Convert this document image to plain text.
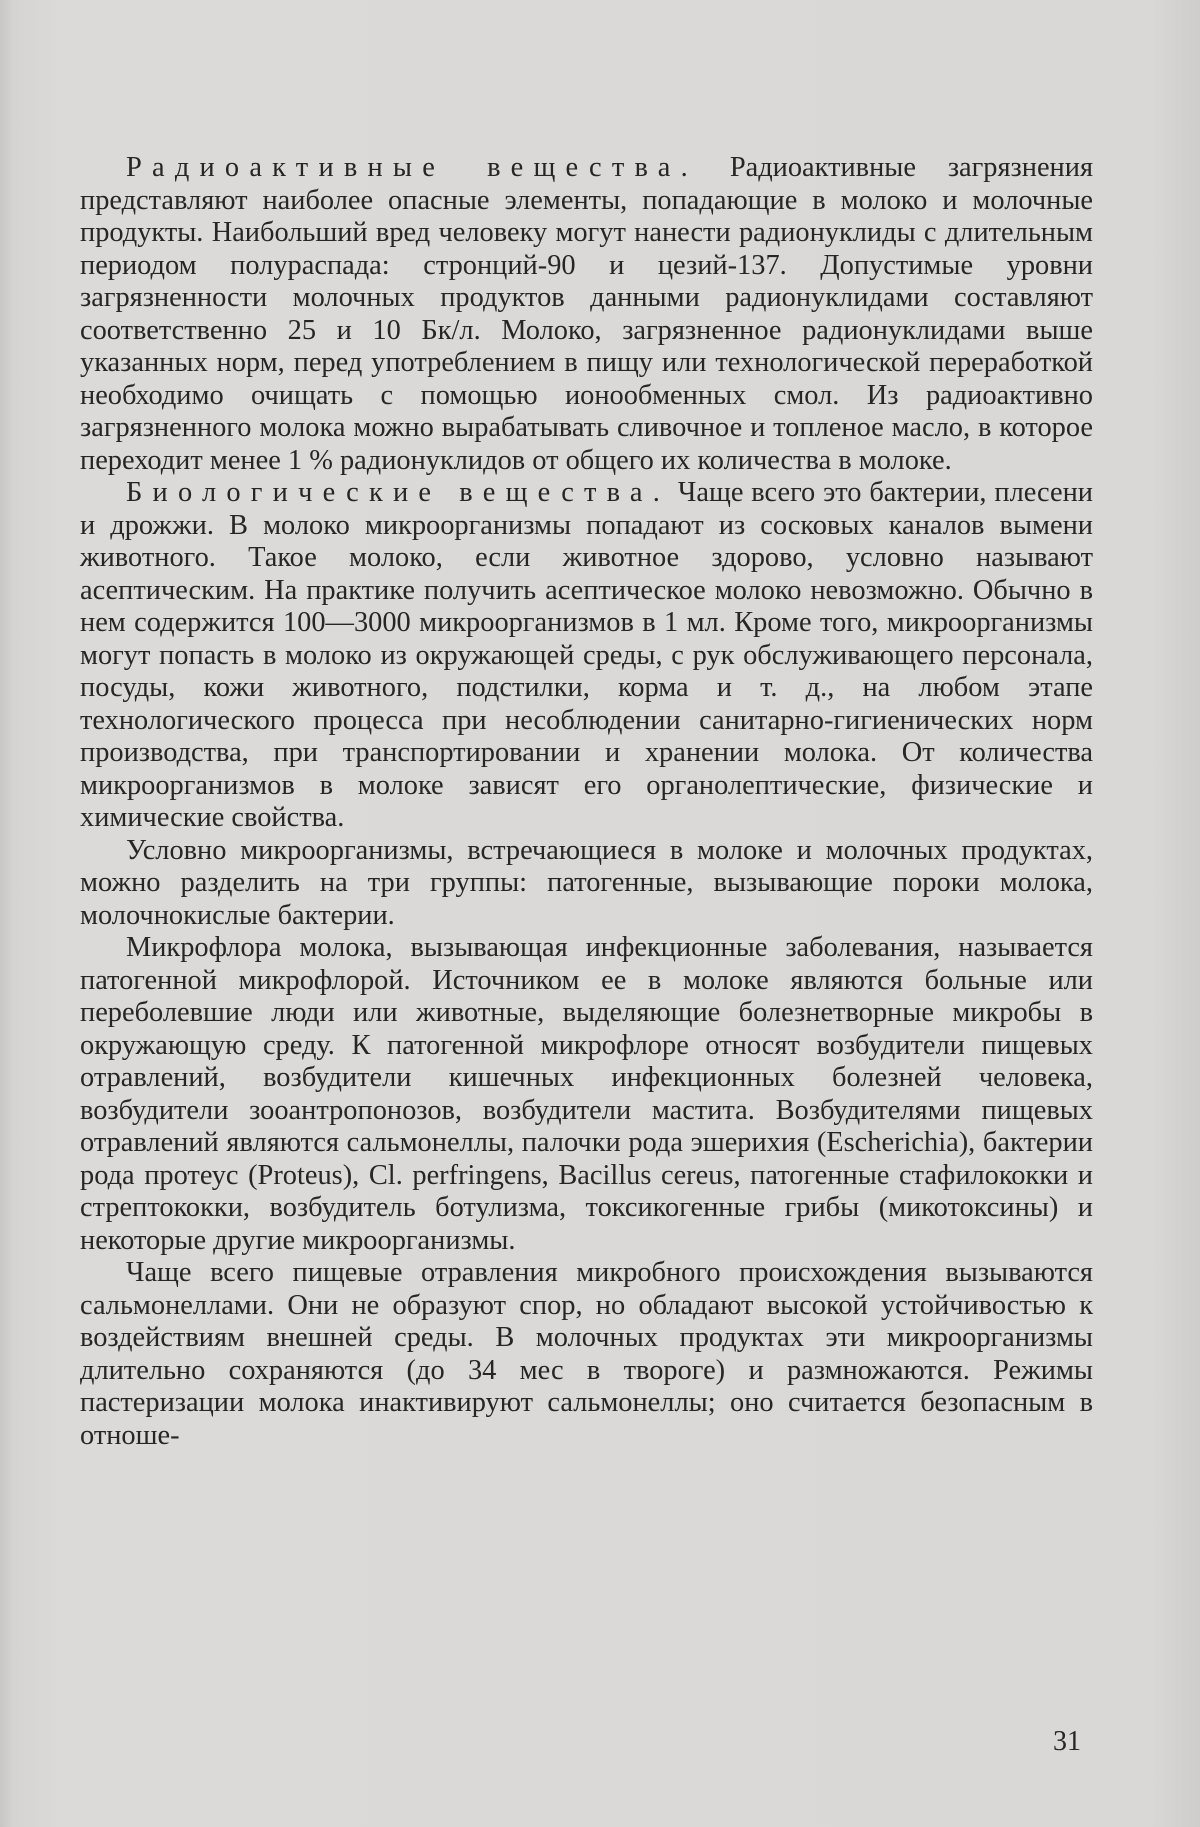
Радиоактивные вещества. Радиоактивные загрязнения представляют наиболее опасные элементы, попадающие в молоко и молочные продукты. Наибольший вред человеку могут нанести радионуклиды с длительным периодом полураспада: стронций-90 и цезий-137. Допустимые уровни загрязненности молочных продуктов данными радионуклидами составляют соответственно 25 и 10 Бк/л. Молоко, загрязненное радионуклидами выше указанных норм, перед употреблением в пищу или технологической переработкой необходимо очищать с помощью ионообменных смол. Из радиоактивно загрязненного молока можно вырабатывать сливочное и топленое масло, в которое переходит менее 1 % радионуклидов от общего их количества в молоке.

Биологические вещества. Чаще всего это бактерии, плесени и дрожжи. В молоко микроорганизмы попадают из сосковых каналов вымени животного. Такое молоко, если животное здорово, условно называют асептическим. На практике получить асептическое молоко невозможно. Обычно в нем содержится 100—3000 микроорганизмов в 1 мл. Кроме того, микроорганизмы могут попасть в молоко из окружающей среды, с рук обслуживающего персонала, посуды, кожи животного, подстилки, корма и т. д., на любом этапе технологического процесса при несоблюдении санитарно-гигиенических норм производства, при транспортировании и хранении молока. От количества микроорганизмов в молоке зависят его органолептические, физические и химические свойства.

Условно микроорганизмы, встречающиеся в молоке и молочных продуктах, можно разделить на три группы: патогенные, вызывающие пороки молока, молочнокислые бактерии.

Микрофлора молока, вызывающая инфекционные заболевания, называется патогенной микрофлорой. Источником ее в молоке являются больные или переболевшие люди или животные, выделяющие болезнетворные микробы в окружающую среду. К патогенной микрофлоре относят возбудители пищевых отравлений, возбудители кишечных инфекционных болезней человека, возбудители зооантропонозов, возбудители мастита. Возбудителями пищевых отравлений являются сальмонеллы, палочки рода эшерихия (Escherichia), бактерии рода протеус (Proteus), Cl. perfringens, Bacillus cereus, патогенные стафилококки и стрептококки, возбудитель ботулизма, токсикогенные грибы (микотоксины) и некоторые другие микроорганизмы.

Чаще всего пищевые отравления микробного происхождения вызываются сальмонеллами. Они не образуют спор, но обладают высокой устойчивостью к воздействиям внешней среды. В молочных продуктах эти микроорганизмы длительно сохраняются (до 34 мес в твороге) и размножаются. Режимы пастеризации молока инактивируют сальмонеллы; оно считается безопасным в отноше-

31
